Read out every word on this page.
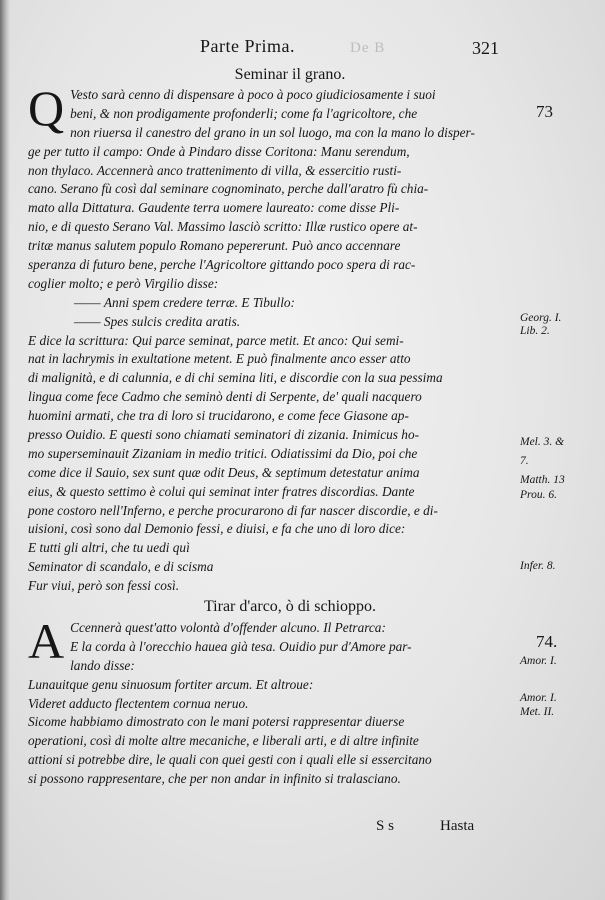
De B
Parte Prima.	321
Seminar il grano.
Q Vesto sarà cenno di dispensare à poco à poco giudiciosamente i suoi
beni, & non prodigamente profonderli; come fa l'agricoltore, che
non riuersa il canestro del grano in un sol luogo, ma con la mano lo disper-
ge per tutto il campo: Onde à Pindaro disse Coritona: Manu serendum,
non thylaco. Accennerà anco trattenimento di villa, & essercitio rusti-
cano. Serano fù così dal seminare cognominato, perche dall'aratro fù chia-
mato alla Dittatura. Gaudente terra uomere laureato: come disse Pli-
nio, e di questo Serano Val. Massimo lasciò scritto: Illæ rustico opere at-
tritæ manus salutem populo Romano pepererunt. Può anco accennare
speranza di futuro bene, perche l'Agricoltore gittando poco spera di rac-
coglier molto; e però Virgilio disse:
—— Anni spem credere terræ. E Tibullo:
—— Spes sulcis credita aratis.
E dice la scrittura: Qui parce seminat, parce metit. Et anco: Qui semi-
nat in lachrymis in exultatione metent. E può finalmente anco esser atto
di malignità, e di calunnia, e di chi semina liti, e discordie con la sua pessima
lingua come fece Cadmo che seminò denti di Serpente, de' quali nacquero
huomini armati, che tra di loro si trucidarono, e come fece Giasone ap-
presso Ouidio. E questi sono chiamati seminatori di zizania. Inimicus ho-
mo superseminauit Zizaniam in medio tritici. Odiatissimi da Dio, poi che
come dice il Sauio, sex sunt quæ odit Deus, & septimum detestatur anima
eius, & questo settimo è colui qui seminat inter fratres discordias. Dante
pone costoro nell'Inferno, e perche procurarono di far nascer discordie, e di-
uisioni, così sono dal Demonio fessi, e diuisi, e fa che uno di loro dice:
E tutti gli altri, che tu uedi quì
Seminator di scandalo, e di scisma
Fur viui, però son fessi così.
Tirar d'arco, ò di schioppo.
A Ccennerà quest'atto volontà d'offender alcuno. Il Petrarca:
E la corda à l'orecchio hauea già tesa. Ouidio pur d'Amore par-
lando disse:
Lunauitque genu sinuosum fortiter arcum. Et altroue:
Videret adducto flectentem cornua neruo.
Sicome habbiamo dimostrato con le mani potersi rappresentar diuerse
operationi, così di molte altre mecaniche, e liberali arti, e di altre infinite
attioni si potrebbe dire, le quali con quei gesti con i quali elle si essercitano
si possono rappresentare, che per non andar in infinito si tralasciano.
73
Georg. I.
Lib. 2.
Mel. 3. &
7.
Matth. 13
Prou. 6.
Infer. 8.
74.
Amor. I.
Amor. I.
Met. II.
S s	Hasta
